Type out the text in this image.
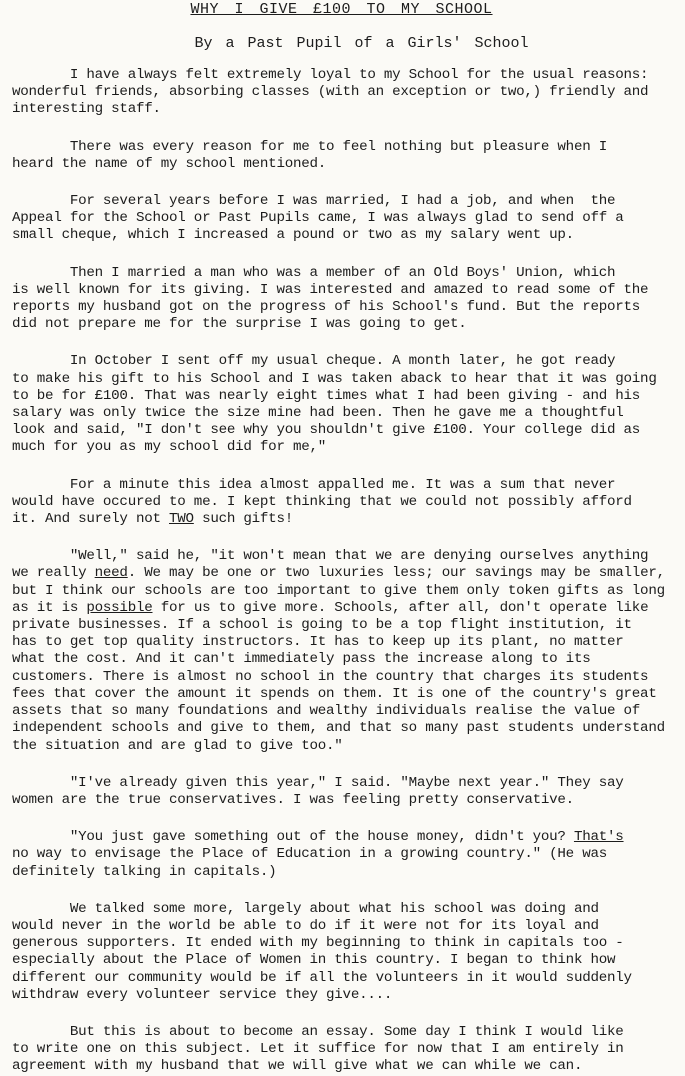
WHY I GIVE £100 TO MY SCHOOL
By a Past Pupil of a Girls' School
I have always felt extremely loyal to my School for the usual reasons:
wonderful friends, absorbing classes (with an exception or two,) friendly and
interesting staff.
There was every reason for me to feel nothing but pleasure when I
heard the name of my school mentioned.
For several years before I was married, I had a job, and when  the
Appeal for the School or Past Pupils came, I was always glad to send off a
small cheque, which I increased a pound or two as my salary went up.
Then I married a man who was a member of an Old Boys' Union, which
is well known for its giving. I was interested and amazed to read some of the
reports my husband got on the progress of his School's fund. But the reports
did not prepare me for the surprise I was going to get.
In October I sent off my usual cheque. A month later, he got ready
to make his gift to his School and I was taken aback to hear that it was going
to be for £100. That was nearly eight times what I had been giving - and his
salary was only twice the size mine had been. Then he gave me a thoughtful
look and said, "I don't see why you shouldn't give £100. Your college did as
much for you as my school did for me,"
For a minute this idea almost appalled me. It was a sum that never
would have occured to me. I kept thinking that we could not possibly afford
it. And surely not TWO such gifts!
"Well," said he, "it won't mean that we are denying ourselves anything
we really need. We may be one or two luxuries less; our savings may be smaller,
but I think our schools are too important to give them only token gifts as long
as it is possible for us to give more. Schools, after all, don't operate like
private businesses. If a school is going to be a top flight institution, it
has to get top quality instructors. It has to keep up its plant, no matter
what the cost. And it can't immediately pass the increase along to its
customers. There is almost no school in the country that charges its students
fees that cover the amount it spends on them. It is one of the country's great
assets that so many foundations and wealthy individuals realise the value of
independent schools and give to them, and that so many past students understand
the situation and are glad to give too."
"I've already given this year," I said. "Maybe next year." They say
women are the true conservatives. I was feeling pretty conservative.
"You just gave something out of the house money, didn't you? That's
no way to envisage the Place of Education in a growing country." (He was
definitely talking in capitals.)
We talked some more, largely about what his school was doing and
would never in the world be able to do if it were not for its loyal and
generous supporters. It ended with my beginning to think in capitals too -
especially about the Place of Women in this country. I began to think how
different our community would be if all the volunteers in it would suddenly
withdraw every volunteer service they give....
But this is about to become an essay. Some day I think I would like
to write one on this subject. Let it suffice for now that I am entirely in
agreement with my husband that we will give what we can while we can.
